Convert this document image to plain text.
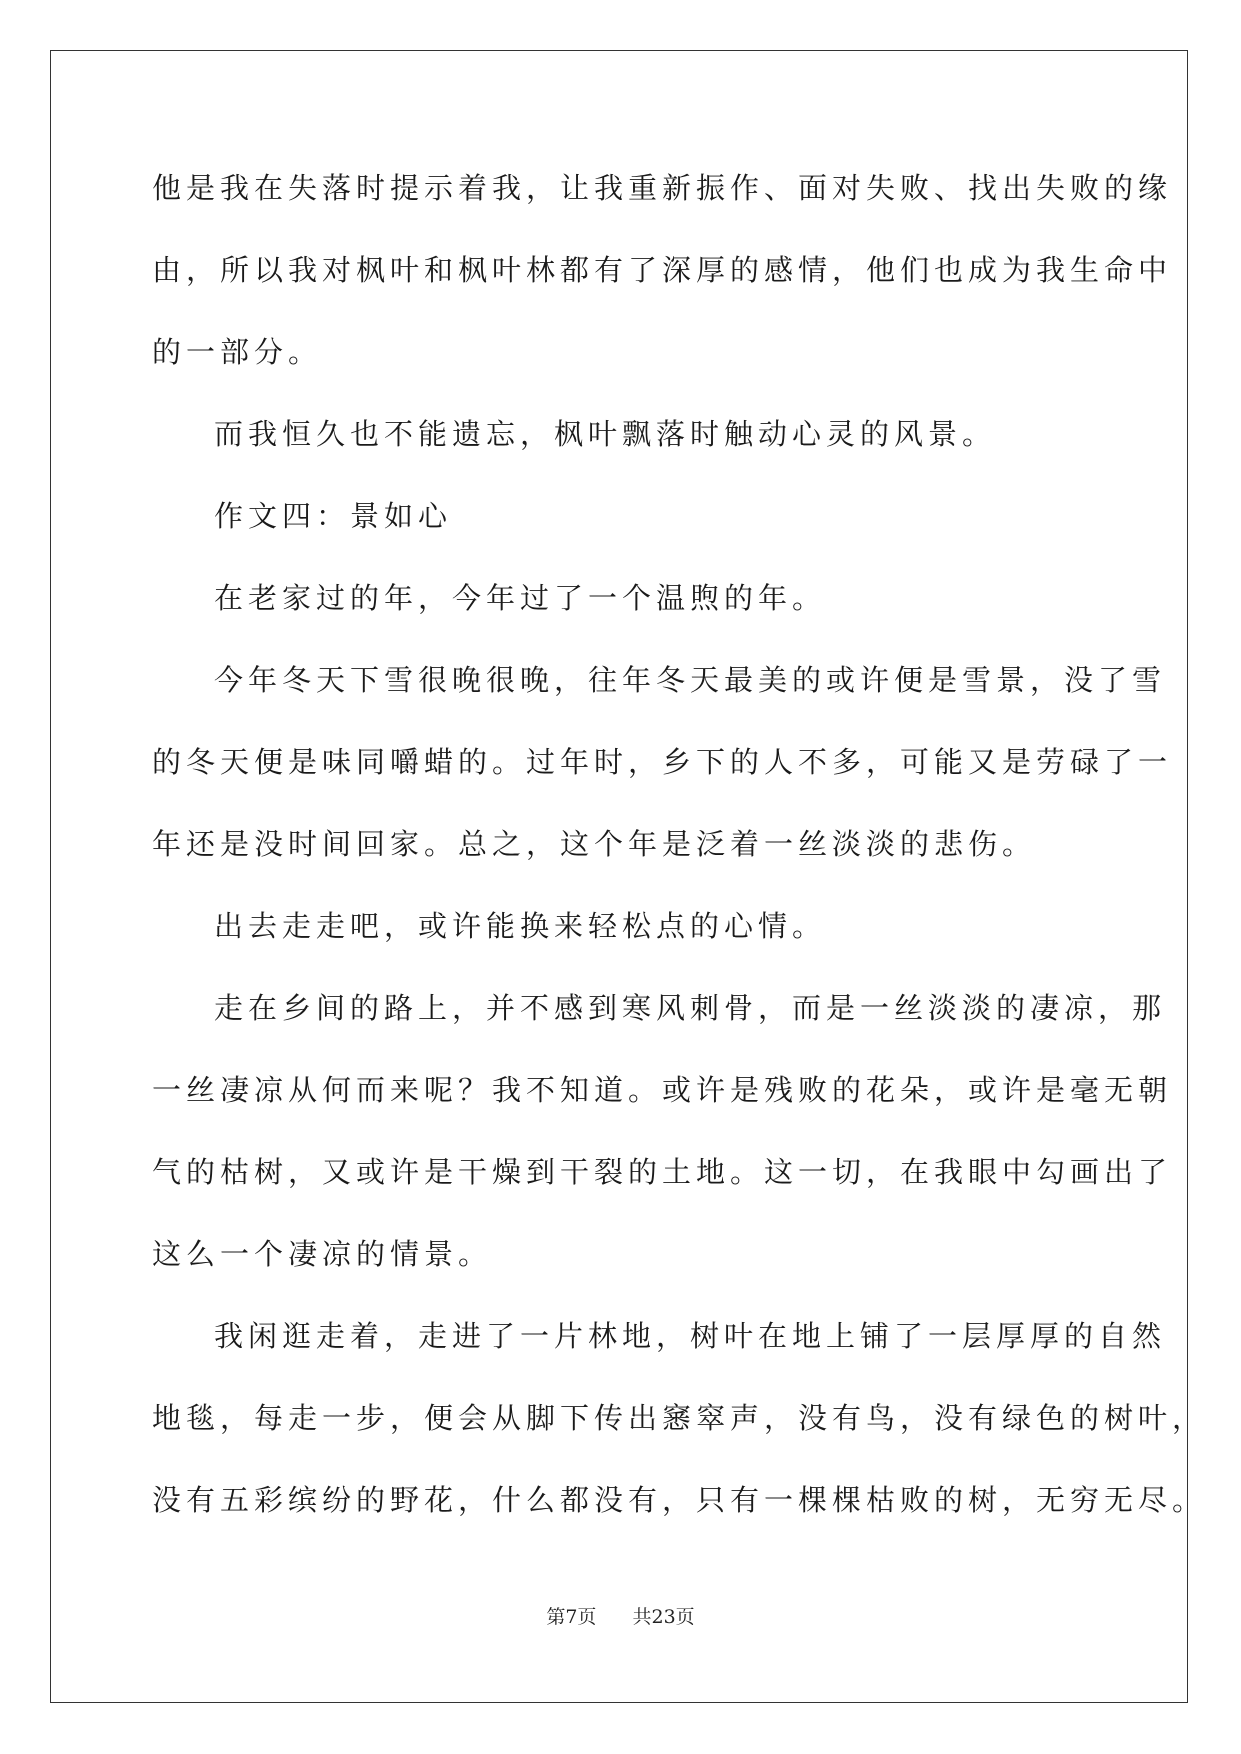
他是我在失落时提示着我，让我重新振作、面对失败、找出失败的缘
由，所以我对枫叶和枫叶林都有了深厚的感情，他们也成为我生命中
的一部分。
而我恒久也不能遗忘，枫叶飘落时触动心灵的风景。
作文四：景如心
在老家过的年，今年过了一个温煦的年。
今年冬天下雪很晚很晚，往年冬天最美的或许便是雪景，没了雪
的冬天便是味同嚼蜡的。过年时，乡下的人不多，可能又是劳碌了一
年还是没时间回家。总之，这个年是泛着一丝淡淡的悲伤。
出去走走吧，或许能换来轻松点的心情。
走在乡间的路上，并不感到寒风刺骨，而是一丝淡淡的凄凉，那
一丝凄凉从何而来呢？我不知道。或许是残败的花朵，或许是毫无朝
气的枯树，又或许是干燥到干裂的土地。这一切，在我眼中勾画出了
这么一个凄凉的情景。
我闲逛走着，走进了一片林地，树叶在地上铺了一层厚厚的自然
地毯，每走一步，便会从脚下传出窸窣声，没有鸟，没有绿色的树叶，
没有五彩缤纷的野花，什么都没有，只有一棵棵枯败的树，无穷无尽。
第7页 共23页
